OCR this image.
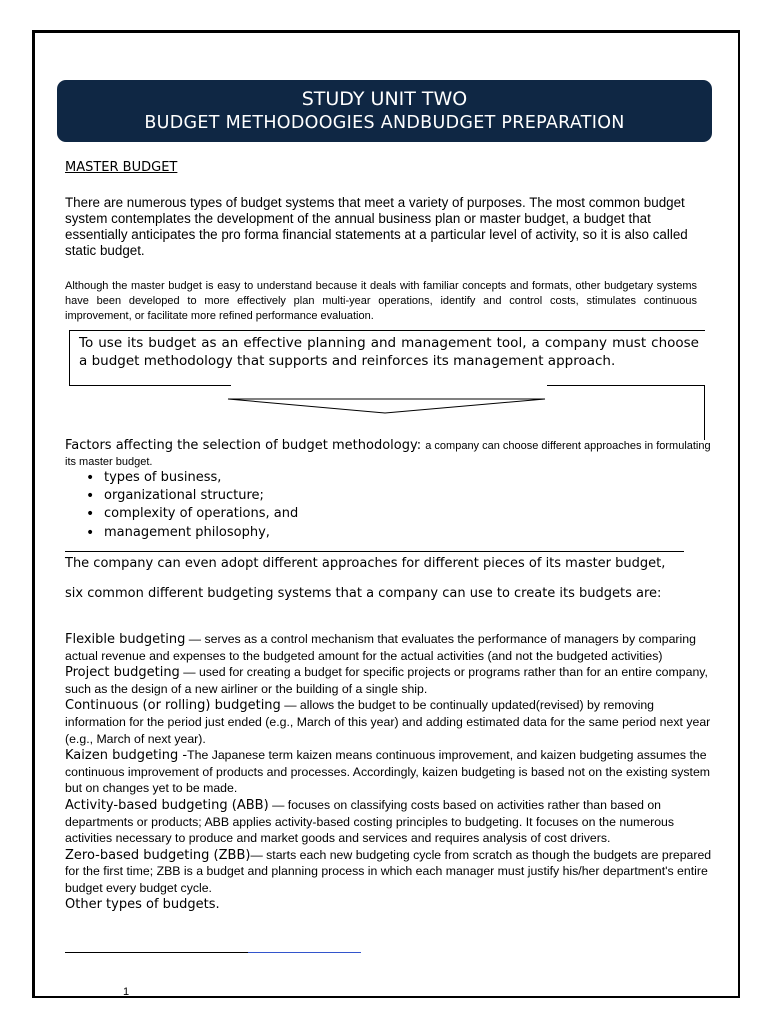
STUDY UNIT TWO
BUDGET METHODOOGIES ANDBUDGET PREPARATION
MASTER BUDGET
There are numerous types of budget systems that meet a variety of purposes. The most common budget system contemplates the development of the annual business plan or master budget, a budget that essentially anticipates the pro forma financial statements at a particular level of activity, so it is also called static budget.
Although the master budget is easy to understand because it deals with familiar concepts and formats, other budgetary systems have been developed to more effectively plan multi-year operations, identify and control costs, stimulates continuous improvement, or facilitate more refined performance evaluation.
To use its budget as an effective planning and management tool, a company must choose a budget methodology that supports and reinforces its management approach.
Factors affecting the selection of budget methodology: a company can choose different approaches in formulating its master budget.
• types of business,
• organizational structure;
• complexity of operations, and
• management philosophy,
The company can even adopt different approaches for different pieces of its master budget,
six common different budgeting systems that a company can use to create its budgets are:

Flexible budgeting — serves as a control mechanism that evaluates the performance of managers by comparing actual revenue and expenses to the budgeted amount for the actual activities (and not the budgeted activities)

Project budgeting — used for creating a budget for specific projects or programs rather than for an entire company, such as the design of a new airliner or the building of a single ship.

Continuous (or rolling) budgeting — allows the budget to be continually updated(revised) by removing information for the period just ended (e.g., March of this year) and adding estimated data for the same period next year (e.g., March of next year).

Kaizen budgeting -The Japanese term kaizen means continuous improvement, and kaizen budgeting assumes the continuous improvement of products and processes. Accordingly, kaizen budgeting is based not on the existing system but on changes yet to be made.

Activity-based budgeting (ABB) — focuses on classifying costs based on activities rather than based on departments or products; ABB applies activity-based costing principles to budgeting. It focuses on the numerous activities necessary to produce and market goods and services and requires analysis of cost drivers.

Zero-based budgeting (ZBB)— starts each new budgeting cycle from scratch as though the budgets are prepared for the first time; ZBB is a budget and planning process in which each manager must justify his/her department's entire budget every budget cycle.

Other types of budgets.
1
